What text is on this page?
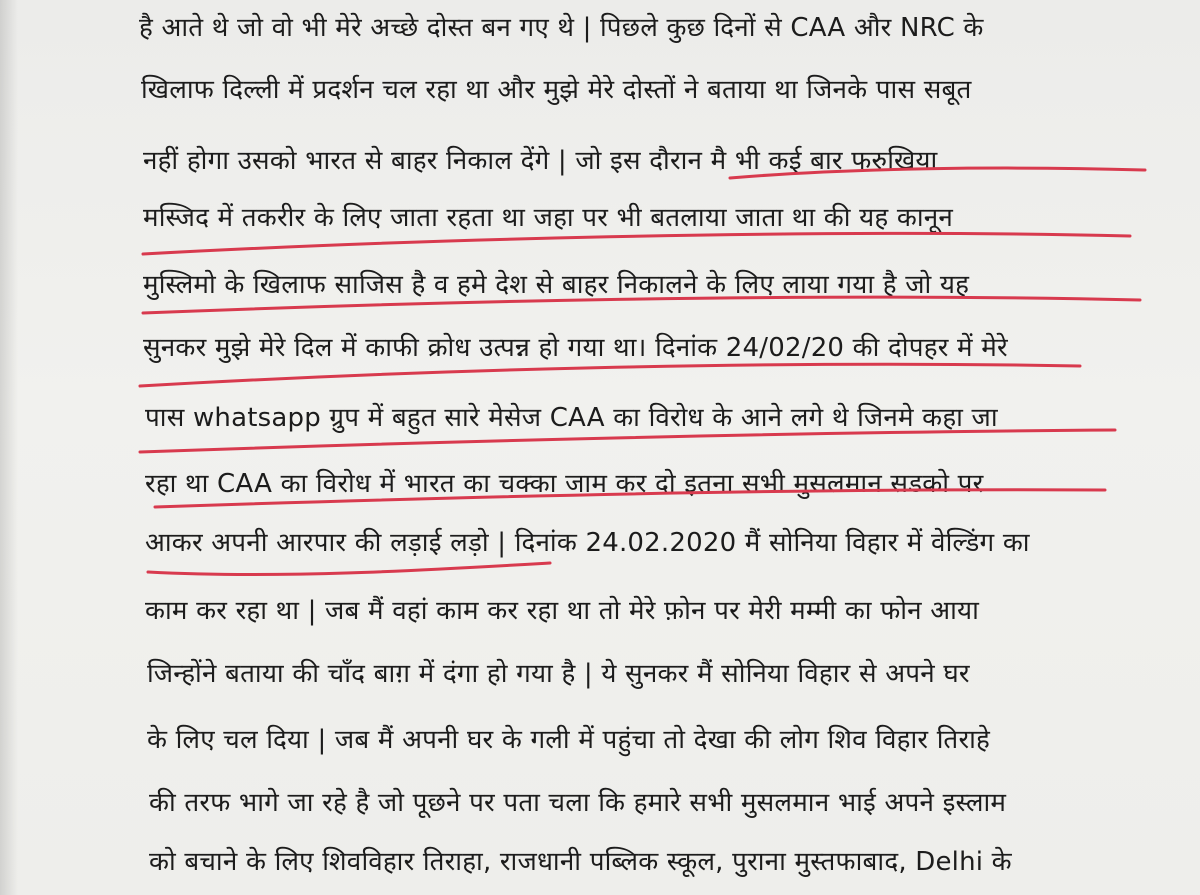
है आते थे जो वो भी मेरे अच्छे दोस्त बन गए थे | पिछले कुछ दिनों से CAA और NRC के
खिलाफ दिल्ली में प्रदर्शन चल रहा था और मुझे मेरे दोस्तों ने बताया था जिनके पास सबूत
नहीं होगा उसको भारत से बाहर निकाल देंगे | जो इस दौरान मै भी कई बार फरुखिया
मस्जिद में तकरीर के लिए जाता रहता था जहा पर भी बतलाया जाता था की यह कानून
मुस्लिमो के खिलाफ साजिस है व हमे देश से बाहर निकालने के लिए लाया गया है जो यह
सुनकर मुझे मेरे दिल में काफी क्रोध उत्पन्न हो गया था। दिनांक 24/02/20 की दोपहर में मेरे
पास whatsapp ग्रुप में बहुत सारे मेसेज CAA का विरोध के आने लगे थे जिनमे कहा जा
रहा था CAA का विरोध में भारत का चक्का जाम कर दो इतना सभी मुसलमान सडको पर
आकर अपनी आरपार की लड़ाई लड़ो | दिनांक 24.02.2020 मैं सोनिया विहार में वेल्डिंग का
काम कर रहा था | जब मैं वहां काम कर रहा था तो मेरे फ़ोन पर मेरी मम्मी का फोन आया
जिन्होंने बताया की चाँद बाग़ में दंगा हो गया है | ये सुनकर मैं सोनिया विहार से अपने घर
के लिए चल दिया | जब मैं अपनी घर के गली में पहुंचा तो देखा की लोग शिव विहार तिराहे
की तरफ भागे जा रहे है जो पूछने पर पता चला कि हमारे सभी मुसलमान भाई अपने इस्लाम
को बचाने के लिए शिवविहार तिराहा, राजधानी पब्लिक स्कूल, पुराना मुस्तफाबाद, Delhi के
